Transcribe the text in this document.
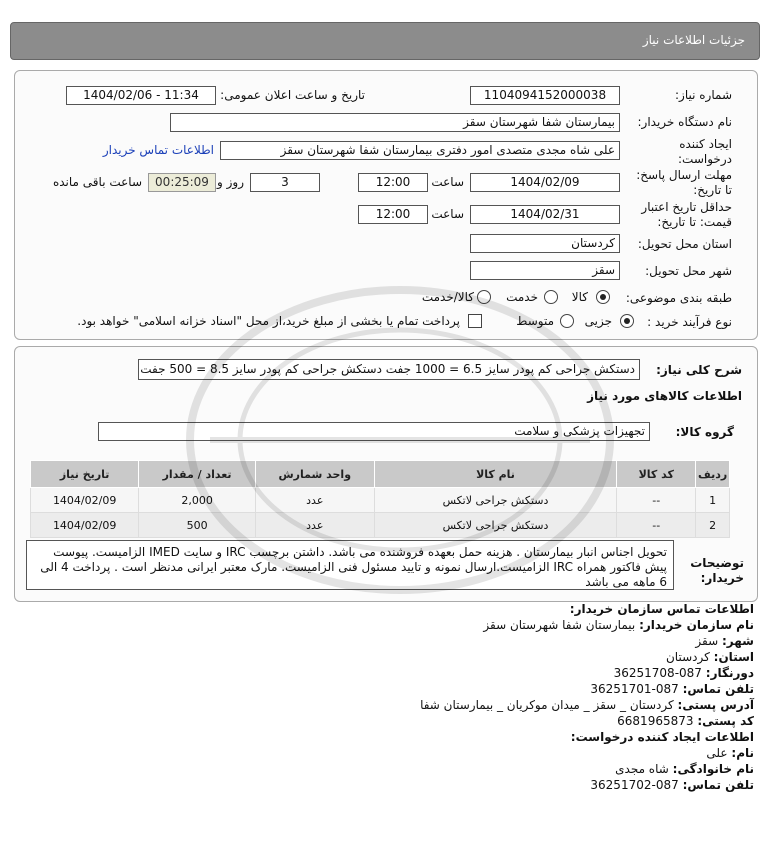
جزئیات اطلاعات نیاز
شماره نیاز:
1104094152000038
تاریخ و ساعت اعلان عمومی:
1404/02/06 - 11:34
نام دستگاه خریدار:
بیمارستان شفا شهرستان سقز
ایجاد کننده
درخواست:
علی شاه مجدی متصدی امور دفتری بیمارستان شفا شهرستان سقز
اطلاعات تماس خریدار
مهلت ارسال پاسخ:
تا تاریخ:
1404/02/09
ساعت
12:00
3
روز و
00:25:09
ساعت باقی مانده
حداقل تاریخ اعتبار
قیمت: تا تاریخ:
1404/02/31
ساعت
12:00
استان محل تحویل:
کردستان
شهر محل تحویل:
سقز
طبقه بندی موضوعی:
کالا
خدمت
کالا/خدمت
نوع فرآیند خرید :
جزیی
متوسط
پرداخت تمام یا بخشی از مبلغ خرید،از محل "اسناد خزانه اسلامی" خواهد بود.
شرح کلی نیاز:
دستکش جراحی کم پودر سایز 6.5 = 1000 جفت دستکش جراحی کم پودر سایز 8.5 = 500 جفت
اطلاعات کالاهای مورد نیاز
گروه کالا:
تجهیزات پزشکی و سلامت
ردیف	کد کالا	نام کالا	واحد شمارش	تعداد / مقدار	تاریخ نیاز
1	--	دستکش جراحی لاتکس	عدد	2,000	1404/02/09
2	--	دستکش جراحی لاتکس	عدد	500	1404/02/09
توضیحات
خریدار:
تحویل اجناس انبار بیمارستان . هزینه حمل بعهده فروشنده می باشد. داشتن برچسب IRC و سایت IMED الزامیست. پیوست پیش فاکتور همراه IRC الزامیست.ارسال نمونه و تایید مسئول فنی الزامیست. مارک معتبر ایرانی مدنظر است . پرداخت 4 الی 6 ماهه می باشد
اطلاعات تماس سازمان خریدار:
نام سازمان خریدار: بیمارستان شفا شهرستان سقز
شهر: سقز
استان: کردستان
دورنگار: 087-36251708
تلفن تماس: 087-36251701
آدرس پستی: کردستان _ سقز _ میدان موکریان _ بیمارستان شفا
کد پستی: 6681965873
اطلاعات ایجاد کننده درخواست:
نام: علی
نام خانوادگی: شاه مجدی
تلفن تماس: 087-36251702
